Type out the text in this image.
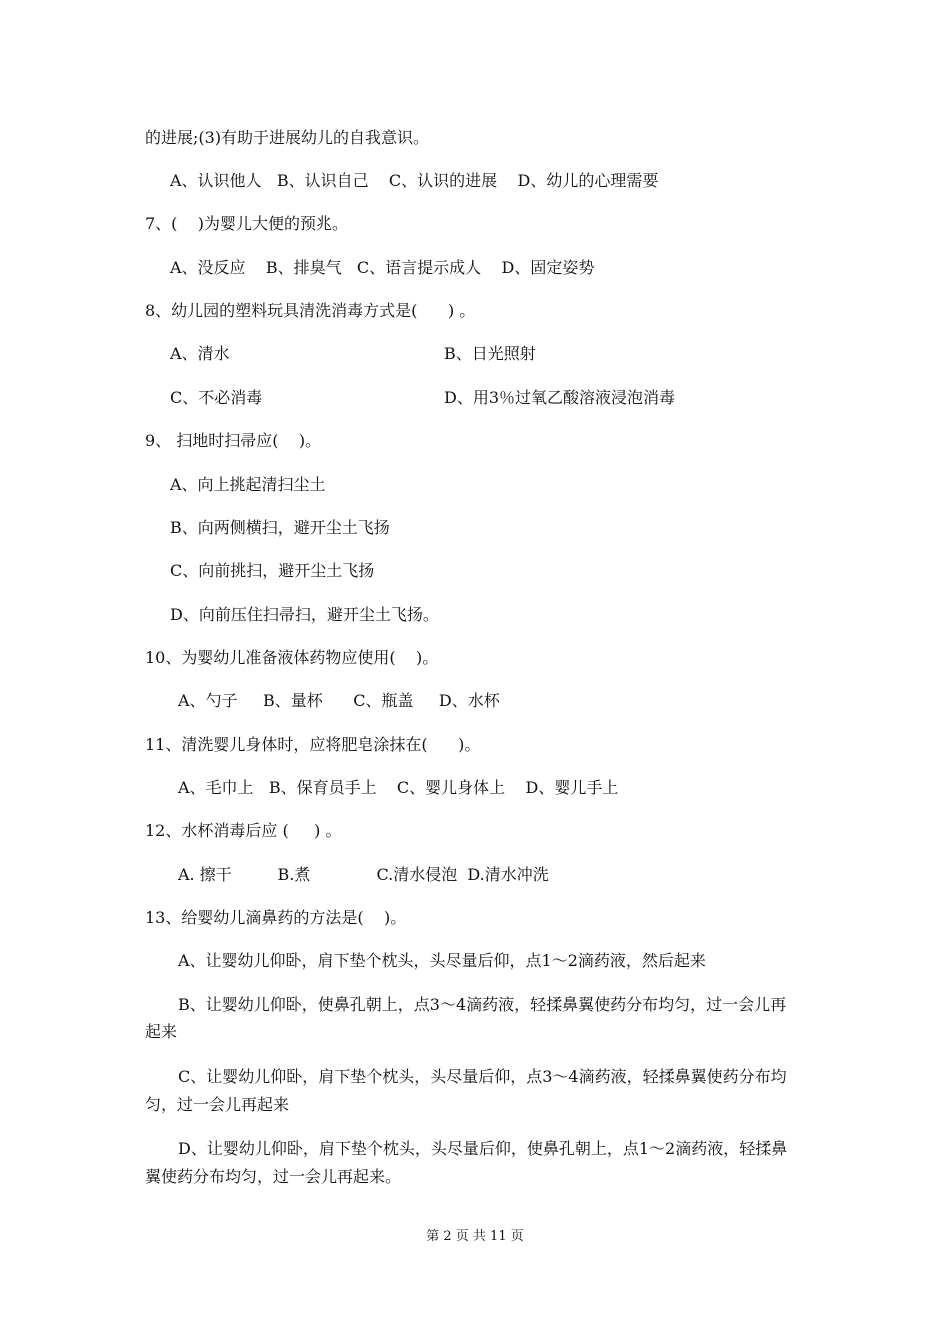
的进展;(3)有助于进展幼儿的自我意识。
A、认识他人   B、认识自己    C、认识的进展    D、幼儿的心理需要
7、(    )为婴儿大便的预兆。
A、没反应    B、排臭气   C、语言提示成人    D、固定姿势
8、幼儿园的塑料玩具清洗消毒方式是(      ) 。
A、清水	B、日光照射
C、不必消毒	D、用3％过氧乙酸溶液浸泡消毒
9、 扫地时扫帚应(    )。
A、向上挑起清扫尘土
B、向两侧横扫，避开尘土飞扬
C、向前挑扫，避开尘土飞扬
D、向前压住扫帚扫，避开尘土飞扬。
10、为婴幼儿准备液体药物应使用(    )。
A、勺子     B、量杯      C、瓶盖     D、水杯
11、清洗婴儿身体时，应将肥皂涂抹在(      )。
A、毛巾上   B、保育员手上    C、婴儿身体上    D、婴儿手上
12、水杯消毒后应 (     ) 。
A. 擦干         B.煮             C.清水侵泡  D.清水冲洗
13、给婴幼儿滴鼻药的方法是(    )。
A、让婴幼儿仰卧，肩下垫个枕头，头尽量后仰，点1～2滴药液，然后起来
B、让婴幼儿仰卧，使鼻孔朝上，点3～4滴药液，轻揉鼻翼使药分布均匀，过一会儿再
起来
C、让婴幼儿仰卧，肩下垫个枕头，头尽量后仰，点3～4滴药液，轻揉鼻翼使药分布均
匀，过一会儿再起来
D、让婴幼儿仰卧，肩下垫个枕头，头尽量后仰，使鼻孔朝上，点1～2滴药液，轻揉鼻
翼使药分布均匀，过一会儿再起来。
第 2 页 共 11 页
